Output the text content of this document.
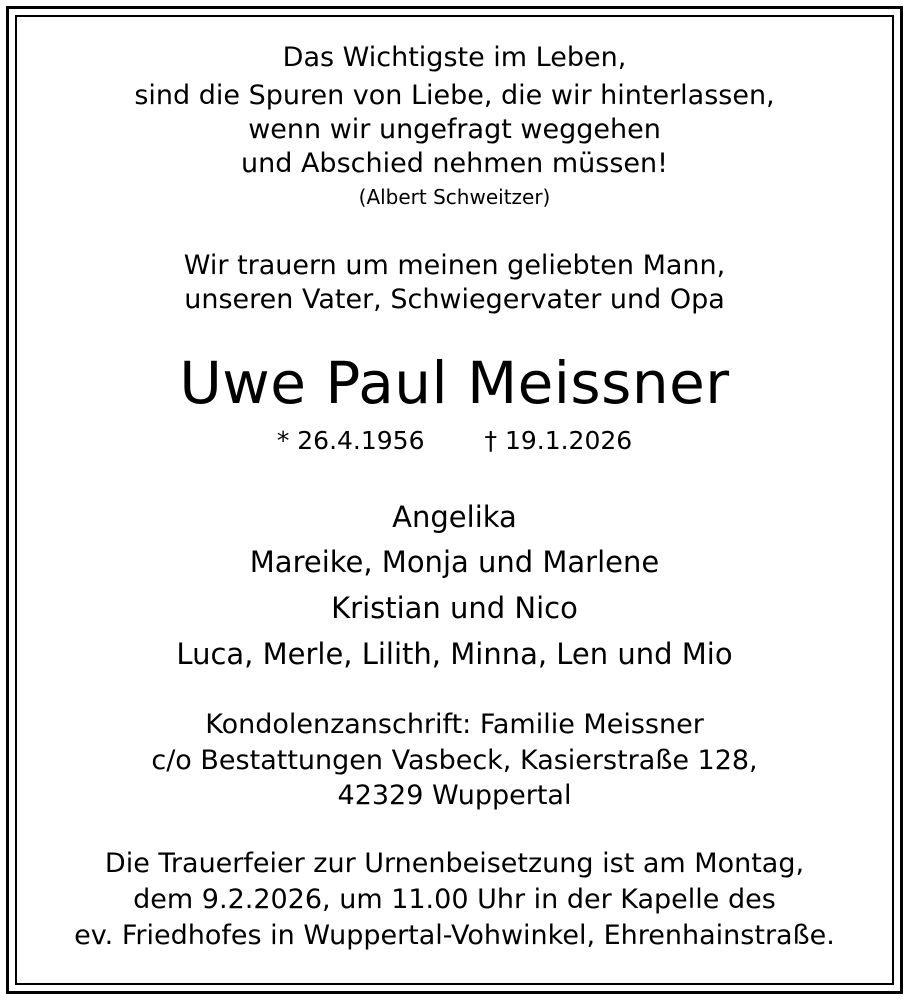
Das Wichtigste im Leben,
sind die Spuren von Liebe, die wir hinterlassen,
wenn wir ungefragt weggehen
und Abschied nehmen müssen!
(Albert Schweitzer)
Wir trauern um meinen geliebten Mann,
unseren Vater, Schwiegervater und Opa
Uwe Paul Meissner
* 26.4.1956 † 19.1.2026
Angelika
Mareike, Monja und Marlene
Kristian und Nico
Luca, Merle, Lilith, Minna, Len und Mio
Kondolenzanschrift: Familie Meissner
c/o Bestattungen Vasbeck, Kasierstraße 128,
42329 Wuppertal
Die Trauerfeier zur Urnenbeisetzung ist am Montag,
dem 9.2.2026, um 11.00 Uhr in der Kapelle des
ev. Friedhofes in Wuppertal-Vohwinkel, Ehrenhainstraße.
